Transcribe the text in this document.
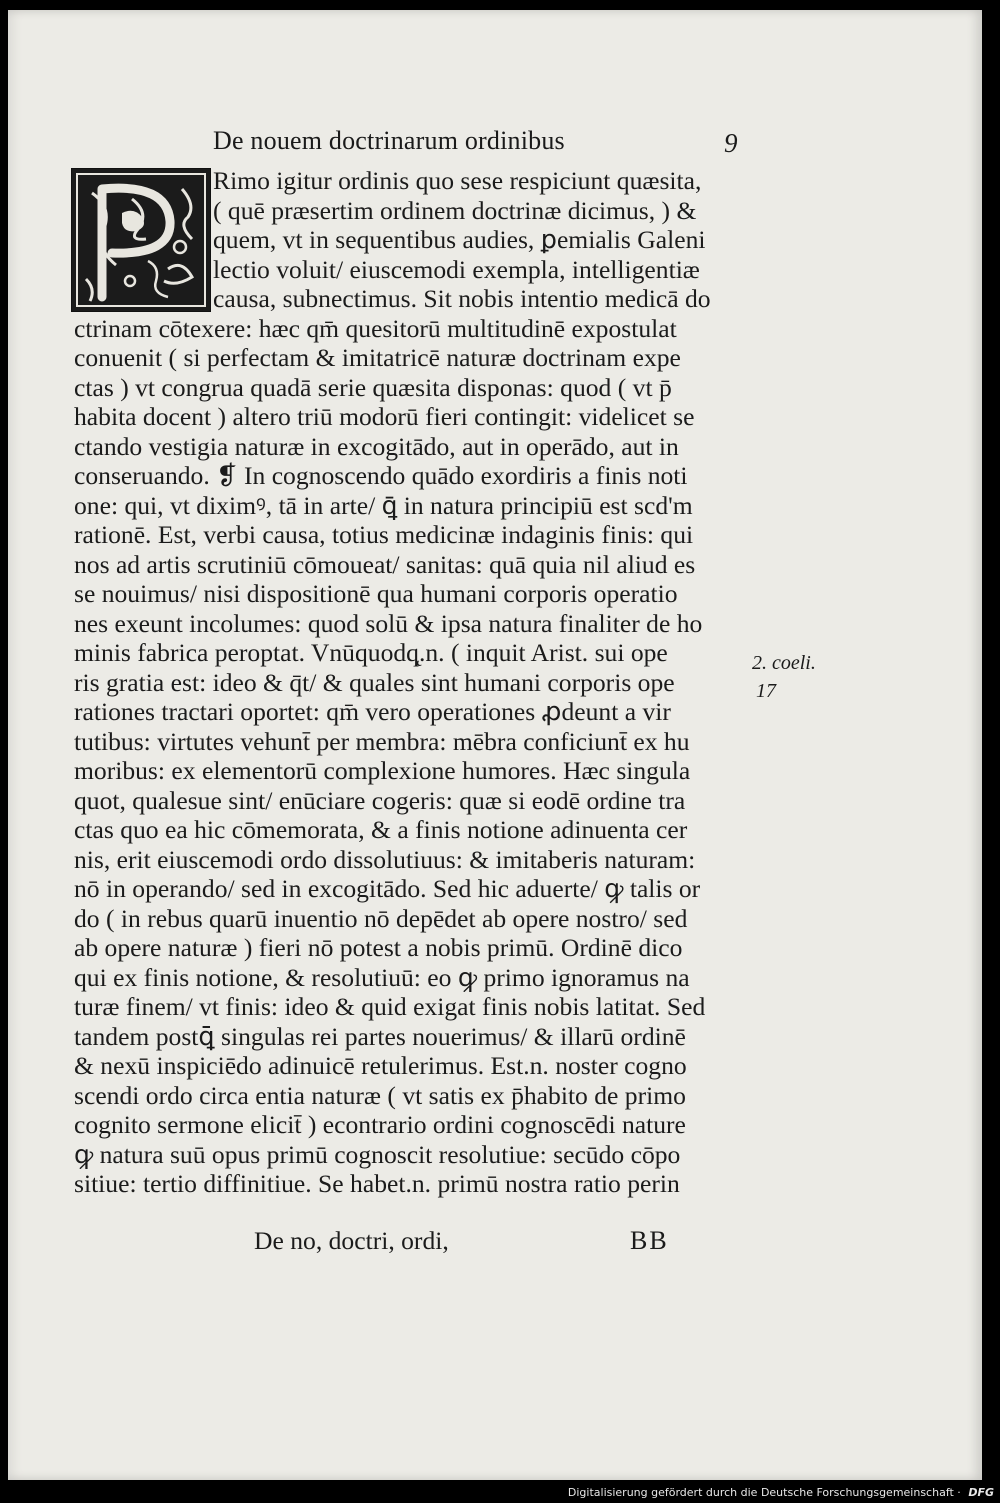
De nouem doctrinarum ordinibus	9
Rimo igitur ordinis quo sese respiciunt quæsita,
( quē præsertim ordinem doctrinæ dicimus, ) &
quem, vt in sequentibus audies, ꝑemialis Galeni
lectio voluit/ eiuscemodi exempla, intelligentiæ
causa, subnectimus. Sit nobis intentio medicā do
ctrinam cōtexere: hæc qm̄ quesitorū multitudinē expostulat
conuenit ( si perfectam & imitatricē naturæ doctrinam expe
ctas ) vt congrua quadā serie quæsita disponas: quod ( vt p̄
habita docent ) altero triū modorū fieri contingit: videlicet se
ctando vestigia naturæ in excogitādo, aut in operādo, aut in
conseruando. ❡ In cognoscendo quādo exordiris a finis noti
one: qui, vt diximꝰ, tā in arte/ ꝗ̄ in natura principiū est scd'm
rationē. Est, verbi causa, totius medicinæ indaginis finis: qui
nos ad artis scrutiniū cōmoueat/ sanitas: quā quia nil aliud es
se nouimus/ nisi dispositionē qua humani corporis operatio
nes exeunt incolumes: quod solū & ipsa natura finaliter de ho
minis fabrica peroptat. Vnūquodq̨.n. ( inquit Arist. sui ope
ris gratia est: ideo & q̄t/ & quales sint humani corporis ope
rationes tractari oportet: qm̄ vero operationes ꝓdeunt a vir
tutibus: virtutes vehunt̄ per membra: mēbra conficiunt̄ ex hu
moribus: ex elementorū complexione humores. Hæc singula
quot, qualesue sint/ enūciare cogeris: quæ si eodē ordine tra
ctas quo ea hic cōmemorata, & a finis notione adinuenta cer
nis, erit eiuscemodi ordo dissolutiuus: & imitaberis naturam:
nō in operando/ sed in excogitādo. Sed hic aduerte/ ꝙ talis or
do ( in rebus quarū inuentio nō depēdet ab opere nostro/ sed
ab opere naturæ ) fieri nō potest a nobis primū. Ordinē dico
qui ex finis notione, & resolutiuū: eo ꝙ primo ignoramus na
turæ finem/ vt finis: ideo & quid exigat finis nobis latitat. Sed
tandem postꝗ̄ singulas rei partes nouerimus/ & illarū ordinē
& nexū inspiciēdo adinuicē retulerimus. Est.n. noster cogno
scendi ordo circa entia naturæ ( vt satis ex p̄habito de primo
cognito sermone elicit̄ ) econtrario ordini cognoscēdi nature
ꝙ natura suū opus primū cognoscit resolutiue: secūdo cōpo
sitiue: tertio diffinitiue. Se habet.n. primū nostra ratio perin
2. coeli.
17
De no, doctri, ordi,	BB
Digitalisierung gefördert durch die Deutsche Forschungsgemeinschaft · DFG
